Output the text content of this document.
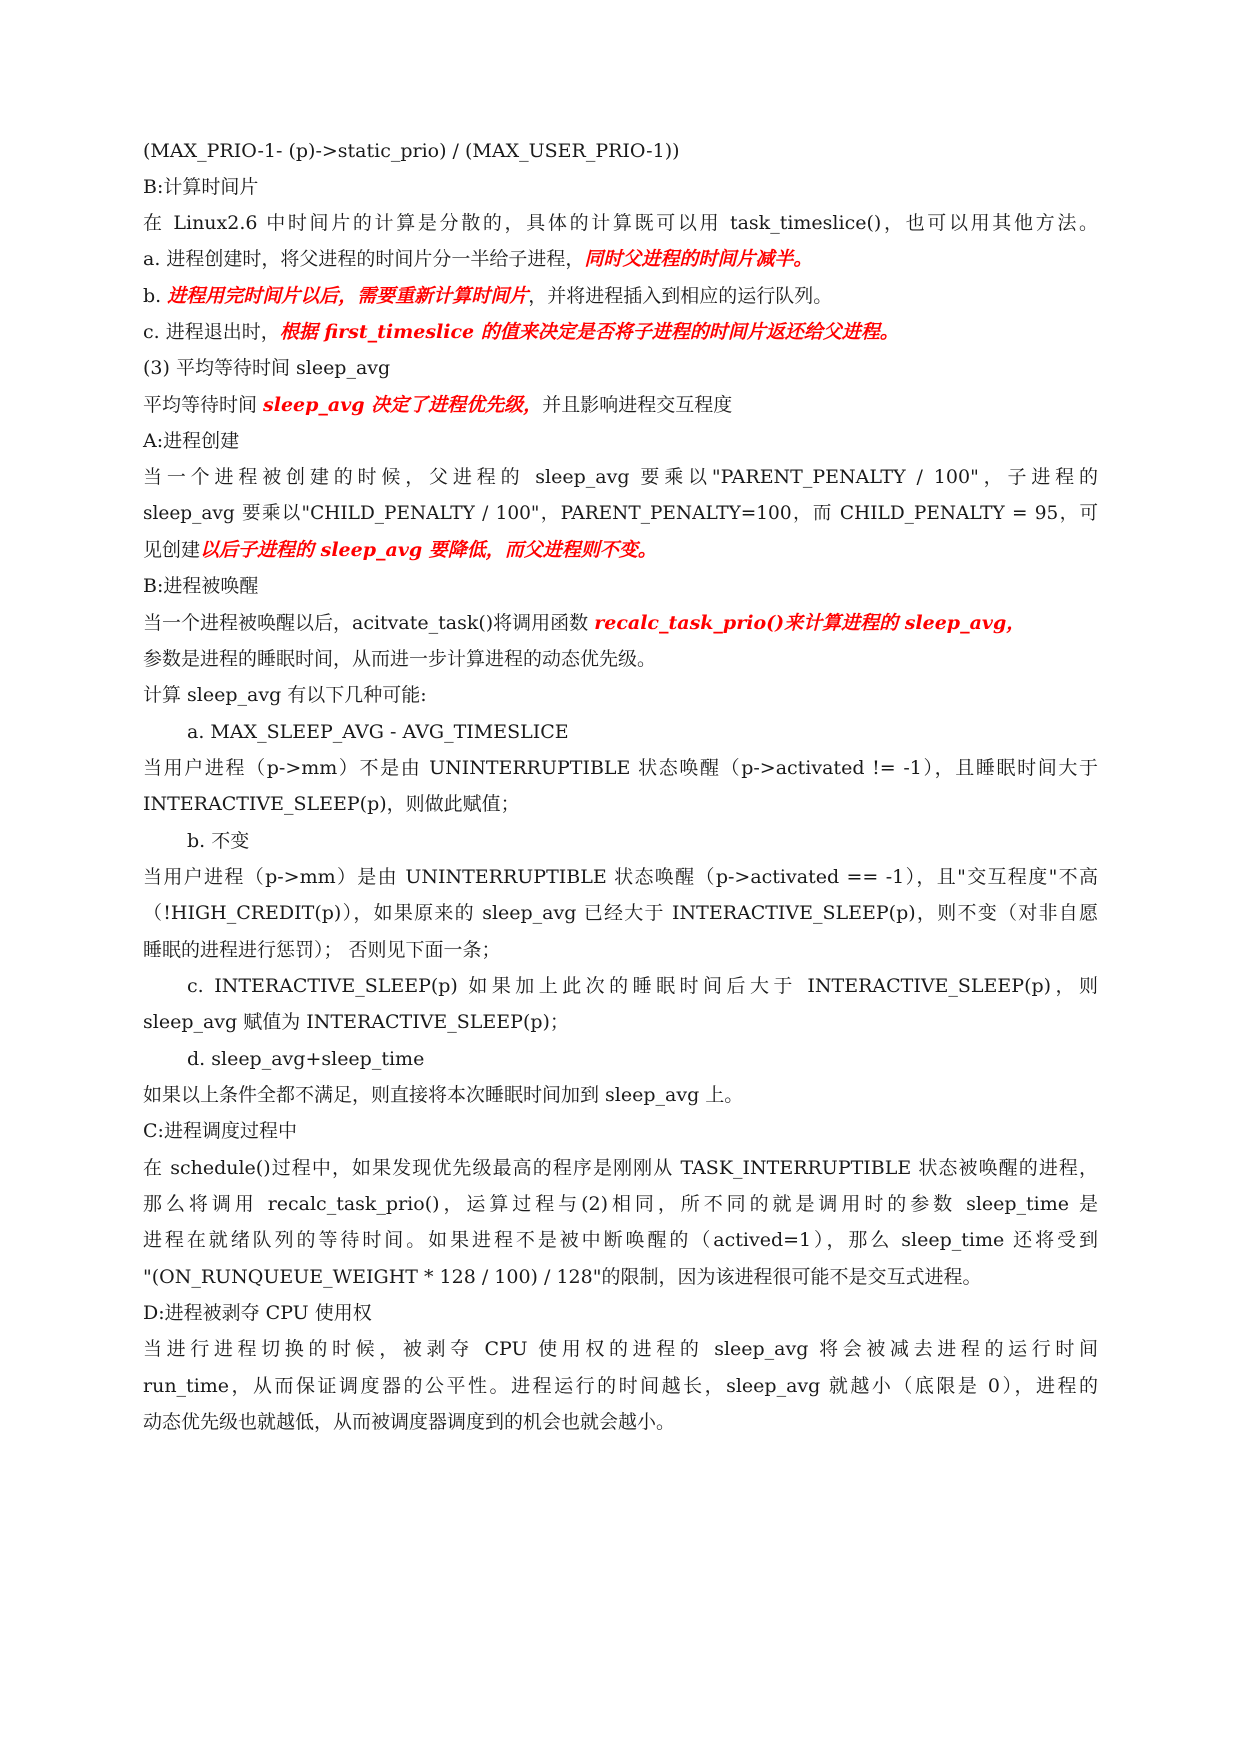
(MAX_PRIO-1- (p)->static_prio) / (MAX_USER_PRIO-1))
B:计算时间片
在 Linux2.6 中时间片的计算是分散的，具体的计算既可以用 task_timeslice()，也可以用其他方法。
a. 进程创建时，将父进程的时间片分一半给子进程，同时父进程的时间片减半。
b. 进程用完时间片以后，需要重新计算时间片，并将进程插入到相应的运行队列。
c. 进程退出时，根据 first_timeslice 的值来决定是否将子进程的时间片返还给父进程。
(3) 平均等待时间 sleep_avg
平均等待时间 sleep_avg 决定了进程优先级，并且影响进程交互程度
A:进程创建
当一个进程被创建的时候，父进程的 sleep_avg 要乘以"PARENT_PENALTY / 100"，子进程的
sleep_avg 要乘以"CHILD_PENALTY / 100"，PARENT_PENALTY=100，而 CHILD_PENALTY = 95，可
见创建以后子进程的 sleep_avg 要降低，而父进程则不变。
B:进程被唤醒
当一个进程被唤醒以后，acitvate_task()将调用函数 recalc_task_prio()来计算进程的 sleep_avg，
参数是进程的睡眠时间，从而进一步计算进程的动态优先级。
计算 sleep_avg 有以下几种可能:
a. MAX_SLEEP_AVG - AVG_TIMESLICE
当用户进程（p->mm）不是由 UNINTERRUPTIBLE 状态唤醒（p->activated != -1），且睡眠时间大于
INTERACTIVE_SLEEP(p)，则做此赋值；
b. 不变
当用户进程（p->mm）是由 UNINTERRUPTIBLE 状态唤醒（p->activated == -1），且"交互程度"不高
（!HIGH_CREDIT(p)），如果原来的 sleep_avg 已经大于 INTERACTIVE_SLEEP(p)，则不变（对非自愿
睡眠的进程进行惩罚）； 否则见下面一条；
c. INTERACTIVE_SLEEP(p) 如果加上此次的睡眠时间后大于 INTERACTIVE_SLEEP(p)，则
sleep_avg 赋值为 INTERACTIVE_SLEEP(p)；
d. sleep_avg+sleep_time
如果以上条件全都不满足，则直接将本次睡眠时间加到 sleep_avg 上。
C:进程调度过程中
在 schedule()过程中，如果发现优先级最高的程序是刚刚从 TASK_INTERRUPTIBLE 状态被唤醒的进程，
那么将调用 recalc_task_prio()，运算过程与(2)相同，所不同的就是调用时的参数 sleep_time 是
进程在就绪队列的等待时间。如果进程不是被中断唤醒的（actived=1），那么 sleep_time 还将受到
"(ON_RUNQUEUE_WEIGHT * 128 / 100) / 128"的限制，因为该进程很可能不是交互式进程。
D:进程被剥夺 CPU 使用权
当进行进程切换的时候，被剥夺 CPU 使用权的进程的 sleep_avg 将会被减去进程的运行时间
run_time，从而保证调度器的公平性。进程运行的时间越长，sleep_avg 就越小（底限是 0），进程的
动态优先级也就越低，从而被调度器调度到的机会也就会越小。
